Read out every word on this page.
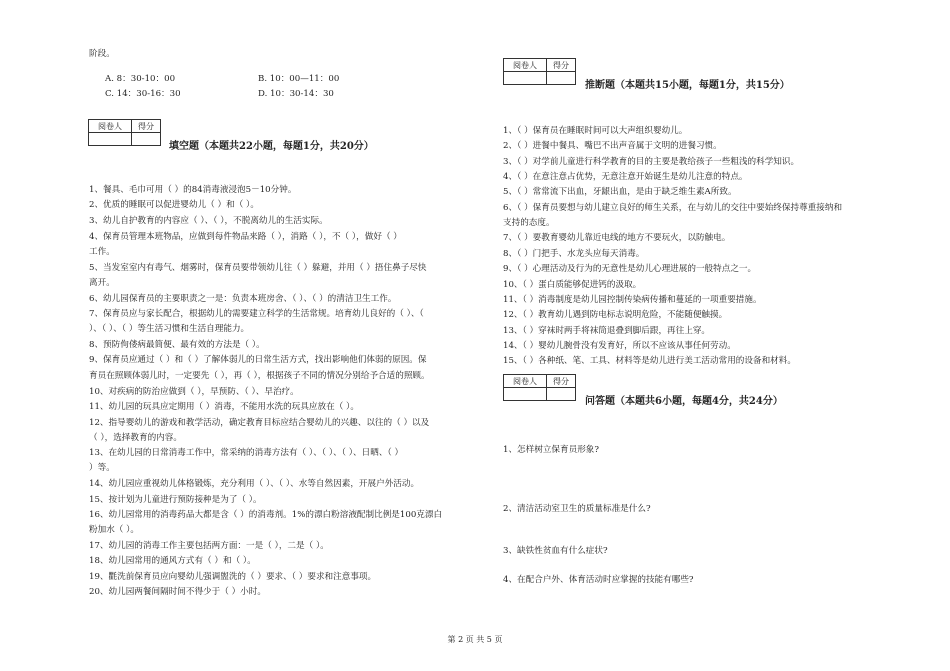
阶段。
A. 8：30-10：00	B. 10：00—11：00
C. 14：30-16：30	D. 10：30-14：30
阅卷人	得分

填空题（本题共22小题，每题1分，共20分）
1、餐具、毛巾可用（ ）的84消毒液浸泡5－10分钟。
2、优质的睡眠可以促进婴幼儿（ ）和（ ）。
3、幼儿自护教育的内容应（ ）、（ ），不脱离幼儿的生活实际。
4、保育员管理本班物品，应做到每件物品来路（ ），消路（ ），不（ ），做好（ ）
工作。
5、当发室室内有毒气、烟雾时，保育员要带领幼儿往（ ）躲避，并用（ ）捂住鼻子尽快
离开。
6、幼儿园保育员的主要职责之一是：负责本班房舍、（ ）、（ ）的清洁卫生工作。
7、保育员应与家长配合，根据幼儿的需要建立科学的生活常规。培育幼儿良好的（ ）、（
）、（ ）、（ ）等生活习惯和生活自理能力。
8、预防佝偻病最简便、最有效的方法是（ ）。
9、保育员应通过（ ）和（ ）了解体弱儿的日常生活方式，找出影响他们体弱的原因。保
育员在照顾体弱儿时，一定要先（ ），再（ ），根据孩子不同的情况分别给予合适的照顾。
10、对疾病的防治应做到（ ），早预防、（ ）、早治疗。
11、幼儿园的玩具应定期用（ ）消毒，不能用水洗的玩具应放在（ ）。
12、指导婴幼儿的游戏和教学活动，确定教育目标应结合婴幼儿的兴趣、以往的（ ）以及
（ ），选择教育的内容。
13、在幼儿园的日常消毒工作中，常采纳的消毒方法有（ ）、（ ）、（ ）、日晒、（ ）
）等。
14、幼儿园应重视幼儿体格锻炼，充分利用（ ）、（ ）、水等自然因素，开展户外活动。
15、按计划为儿童进行预防接种是为了（ ）。
16、幼儿园常用的消毒药品大都是含（ ）的消毒剂。1%的漂白粉溶液配制比例是100克漂白
粉加水（ ）。
17、幼儿园的消毒工作主要包括两方面：一是（ ），二是（ ）。
18、幼儿园常用的通风方式有（ ）和（ ）。
19、氍洗前保育员应向婴幼儿强调盥洗的（ ）要求、（ ）要求和注意事项。
20、幼儿园两餐间隔时间不得少于（ ）小时。
阅卷人	得分

推断题（本题共15小题，每题1分，共15分）
1、（ ）保育员在睡眠时间可以大声组织婴幼儿。
2、（ ）进餐中餐具、嘴巴不出声音属于文明的进餐习惯。
3、（ ）对学前儿童进行科学教育的目的主要是教给孩子一些粗浅的科学知识。
4、（ ）在意注意占优势，无意注意开始诞生是幼儿注意的特点。
5、（ ）常常流下出血，牙龈出血，是由于缺乏维生素A所致。
6、（ ）保育员要想与幼儿建立良好的师生关系，在与幼儿的交往中要始终保持尊重接纳和
支持的态度。
7、（ ）要教育婴幼儿靠近电线的地方不要玩火，以防触电。
8、（ ）门把手、水龙头应每天消毒。
9、（ ）心理活动及行为的无意性是幼儿心理进展的一般特点之一。
10、（ ）蛋白质能够促进钙的汲取。
11、（ ）消毒制度是幼儿园控制传染病传播和蔓延的一项重要措施。
12、（ ）教育幼儿遇到防电标志说明危险，不能随便触摸。
13、（ ）穿袜时两手将袜筒退叠到脚后跟，再往上穿。
14、（ ）婴幼儿腕骨没有发育好，所以不应该从事任何劳动。
15、（ ）各种纸、笔、工具、材料等是幼儿进行美工活动常用的设备和材料。
阅卷人	得分

问答题（本题共6小题，每题4分，共24分）
1、怎样树立保育员形象?
2、清洁活动室卫生的质量标准是什么?
3、缺铁性贫血有什么症状?
4、在配合户外、体育活动时应掌握的技能有哪些?
第 2 页 共 5 页
